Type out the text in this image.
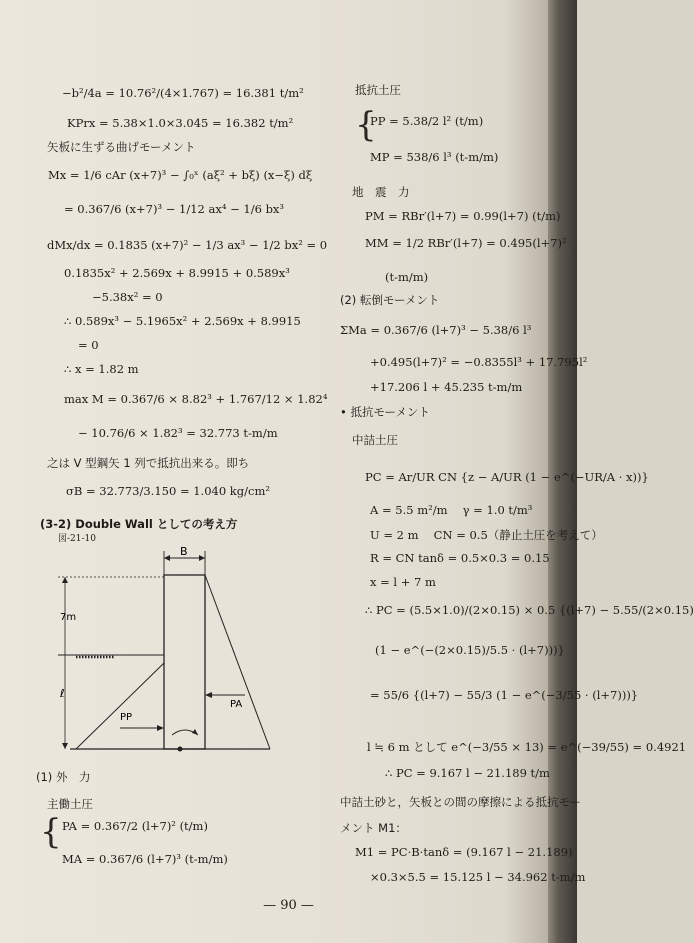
−b²/4a = 10.76²/(4×1.767) = 16.381 t/m²
KPrx = 5.38×1.0×3.045 = 16.382 t/m²
矢板に生ずる曲げモーメント
Mx = 1/6 cAr (x+7)³ − ∫₀ˣ (aξ² + bξ) (x−ξ) dξ
= 0.367/6 (x+7)³ − 1/12 ax⁴ − 1/6 bx³
dMx/dx = 0.1835 (x+7)² − 1/3 ax³ − 1/2 bx² = 0
0.1835x² + 2.569x + 8.9915 + 0.589x³
−5.38x² = 0
∴ 0.589x³ − 5.1965x² + 2.569x + 8.9915
= 0
∴ x = 1.82 m
max M = 0.367/6 × 8.82³ + 1.767/12 × 1.82⁴
− 10.76/6 × 1.82³ = 32.773 t-m/m
之は V 型鋼矢 1 列で抵抗出来る。即ち
σB = 32.773/3.150 = 1.040 kg/cm²
(3-2) Double Wall としての考え方
図-21-10
B
7m
ℓ
PP
PA
(1) 外　力
主働土圧
{ PA = 0.367/2 (l+7)² (t/m)
MA = 0.367/6 (l+7)³ (t-m/m)
抵抗土圧
{
PP = 5.38/2 l² (t/m)
MP = 538/6 l³ (t-m/m)
地　震　力
PM = RBr′(l+7) = 0.99(l+7) (t/m)
MM = 1/2 RBr′(l+7) = 0.495(l+7)²
(t-m/m)
(2) 転倒モーメント
ΣMa = 0.367/6 (l+7)³ − 5.38/6 l³
+0.495(l+7)² = −0.8355l³ + 17.795l²
+17.206 l + 45.235 t-m/m
• 抵抗モーメント
中詰土圧
PC = Ar/UR CN {z − A/UR (1 − e^(−UR/A · x))}
A = 5.5 m²/m　 γ = 1.0 t/m³
U = 2 m　 CN = 0.5（静止土圧を考えて）
R = CN tanδ = 0.5×0.3 = 0.15
x = l + 7 m
∴ PC = (5.5×1.0)/(2×0.15) × 0.5 {(l+7) − 5.55/(2×0.15)
(1 − e^(−(2×0.15)/5.5 · (l+7)))}
= 55/6 {(l+7) − 55/3 (1 − e^(−3/55 · (l+7)))}
l ≒ 6 m として e^(−3/55 × 13) = e^(−39/55) = 0.4921
∴ PC = 9.167 l − 21.189 t/m
中詰土砂と，矢板との間の摩擦による抵抗モー
メント M1：
M1 = PC·B·tanδ = (9.167 l − 21.189)
×0.3×5.5 = 15.125 l − 34.962 t-m/m
— 90 —
